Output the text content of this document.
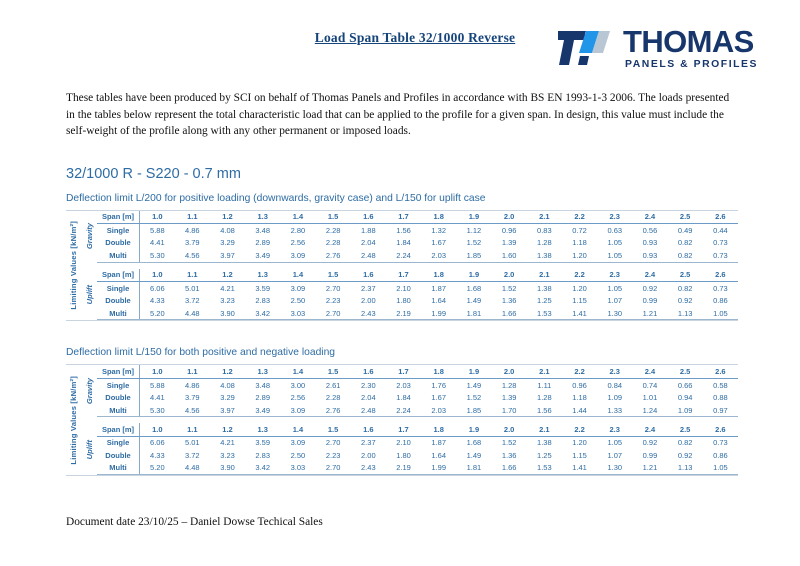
Load Span Table 32/1000 Reverse	THOMAS
PANELS & PROFILES

These tables have been produced by SCI on behalf of Thomas Panels and Profiles in accordance with BS EN 1993-1-3 2006. The loads presented in the tables below represent the total characteristic load that can be applied to the profile for a given span. In design, this value must include the self-weight of the profile along with any other permanent or imposed loads.

32/1000 R - S220 - 0.7 mm
Deflection limit L/200 for positive loading (downwards, gravity case) and L/150 for uplift case
Limiting Values [kN/m²] Gravity
Span [m]	1.0	1.1	1.2	1.3	1.4	1.5	1.6	1.7	1.8	1.9	2.0	2.1	2.2	2.3	2.4	2.5	2.6
Single	5.88	4.86	4.08	3.48	2.80	2.28	1.88	1.56	1.32	1.12	0.96	0.83	0.72	0.63	0.56	0.49	0.44
Double	4.41	3.79	3.29	2.89	2.56	2.28	2.04	1.84	1.67	1.52	1.39	1.28	1.18	1.05	0.93	0.82	0.73
Multi	5.30	4.56	3.97	3.49	3.09	2.76	2.48	2.24	2.03	1.85	1.60	1.38	1.20	1.05	0.93	0.82	0.73
Uplift
Span [m]	1.0	1.1	1.2	1.3	1.4	1.5	1.6	1.7	1.8	1.9	2.0	2.1	2.2	2.3	2.4	2.5	2.6
Single	6.06	5.01	4.21	3.59	3.09	2.70	2.37	2.10	1.87	1.68	1.52	1.38	1.20	1.05	0.92	0.82	0.73
Double	4.33	3.72	3.23	2.83	2.50	2.23	2.00	1.80	1.64	1.49	1.36	1.25	1.15	1.07	0.99	0.92	0.86
Multi	5.20	4.48	3.90	3.42	3.03	2.70	2.43	2.19	1.99	1.81	1.66	1.53	1.41	1.30	1.21	1.13	1.05
Deflection limit L/150 for both positive and negative loading
Limiting Values [kN/m²] Gravity
Span [m]	1.0	1.1	1.2	1.3	1.4	1.5	1.6	1.7	1.8	1.9	2.0	2.1	2.2	2.3	2.4	2.5	2.6
Single	5.88	4.86	4.08	3.48	3.00	2.61	2.30	2.03	1.76	1.49	1.28	1.11	0.96	0.84	0.74	0.66	0.58
Double	4.41	3.79	3.29	2.89	2.56	2.28	2.04	1.84	1.67	1.52	1.39	1.28	1.18	1.09	1.01	0.94	0.88
Multi	5.30	4.56	3.97	3.49	3.09	2.76	2.48	2.24	2.03	1.85	1.70	1.56	1.44	1.33	1.24	1.09	0.97
Uplift
Span [m]	1.0	1.1	1.2	1.3	1.4	1.5	1.6	1.7	1.8	1.9	2.0	2.1	2.2	2.3	2.4	2.5	2.6
Single	6.06	5.01	4.21	3.59	3.09	2.70	2.37	2.10	1.87	1.68	1.52	1.38	1.20	1.05	0.92	0.82	0.73
Double	4.33	3.72	3.23	2.83	2.50	2.23	2.00	1.80	1.64	1.49	1.36	1.25	1.15	1.07	0.99	0.92	0.86
Multi	5.20	4.48	3.90	3.42	3.03	2.70	2.43	2.19	1.99	1.81	1.66	1.53	1.41	1.30	1.21	1.13	1.05
Document date 23/10/25 – Daniel Dowse Techical Sales
